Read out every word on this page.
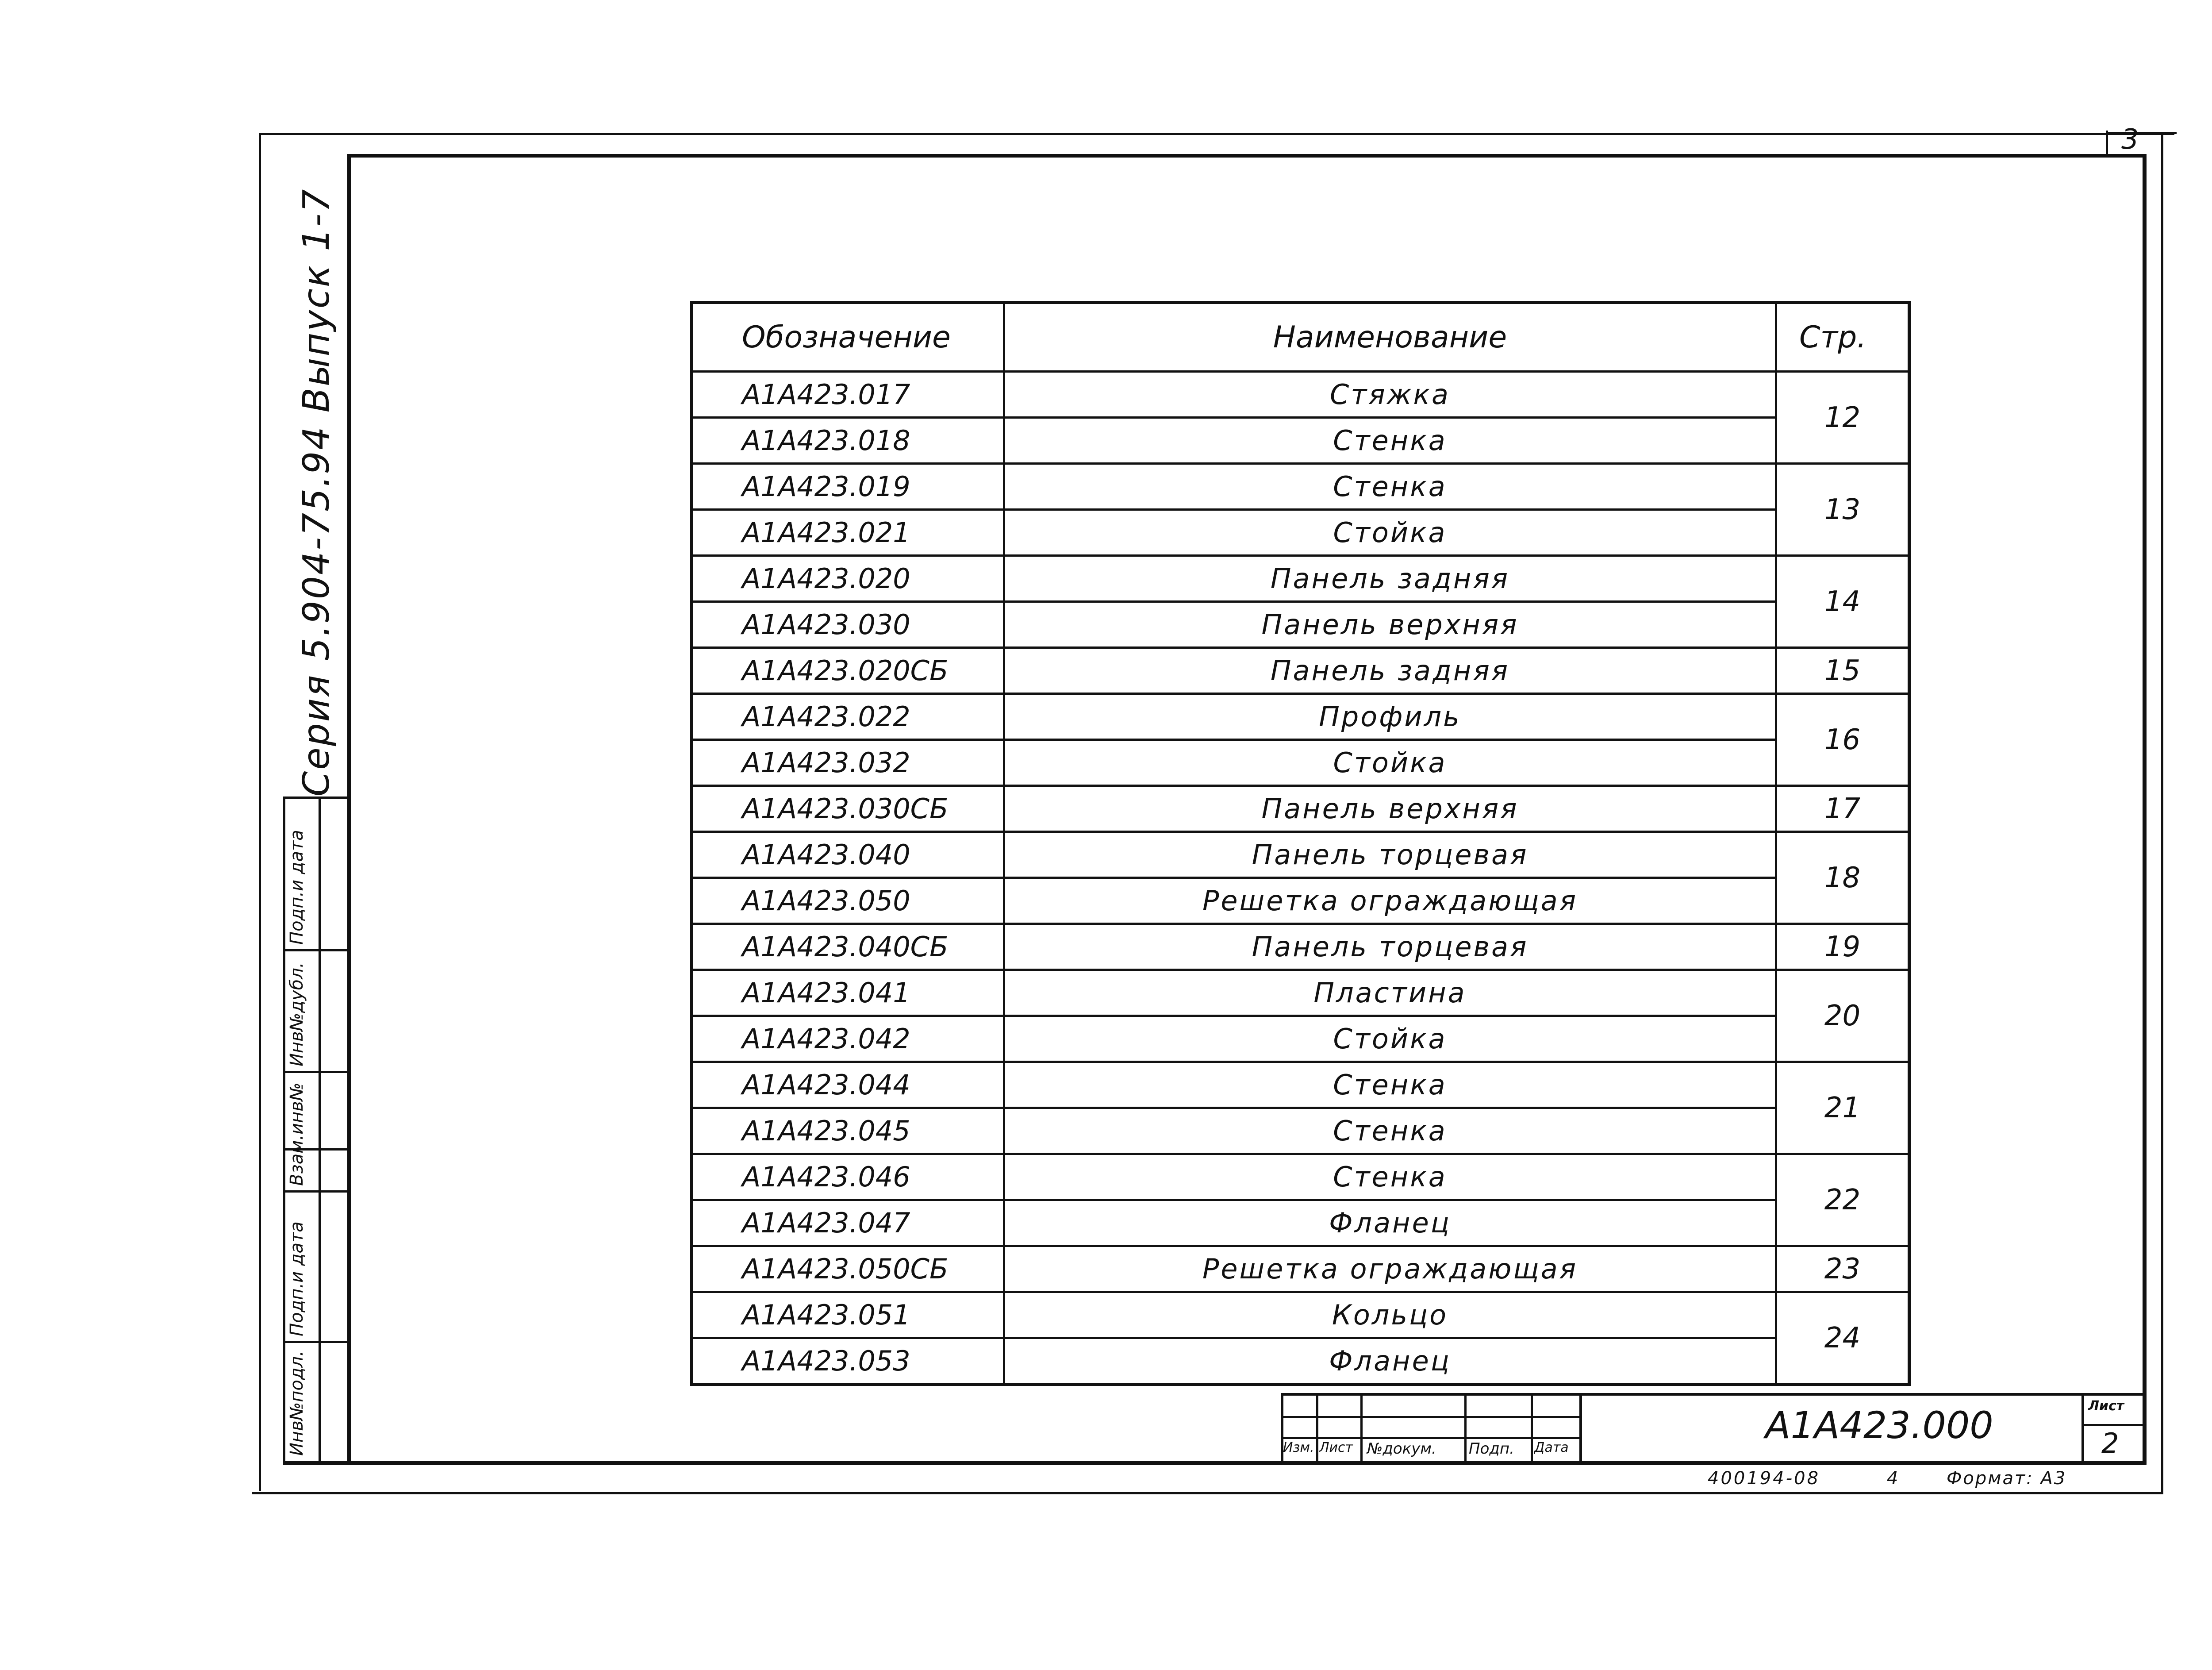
3
Инв№подл.
Подп.и дата
Взам.инв№
Инв№дубл.
Подп.и дата
Серия 5.904-75.94 Выпуск 1-7	Обозначение	Наименование	Стр.
А1А423.017	Стяжка	12
А1А423.018	Стенка	
А1А423.019	Стенка	13
А1А423.021	Стойка	
А1А423.020	Панель задняя	14
А1А423.030	Панель верхняя	
А1А423.020СБ	Панель задняя	15
А1А423.022	Профиль	16
А1А423.032	Стойка	
А1А423.030СБ	Панель верхняя	17
А1А423.040	Панель торцевая	18
А1А423.050	Решетка ограждающая	
А1А423.040СБ	Панель торцевая	19
А1А423.041	Пластина	20
А1А423.042	Стойка	
А1А423.044	Стенка	21
А1А423.045	Стенка	
А1А423.046	Стенка	22
А1А423.047	Фланец	
А1А423.050СБ	Решетка ограждающая	23
А1А423.051	Кольцо	24
А1А423.053	Фланец	
Изм. Лист №докум. Подп. Дата
А1А423.000	Лист
2
400194-08	4	Формат: А3
